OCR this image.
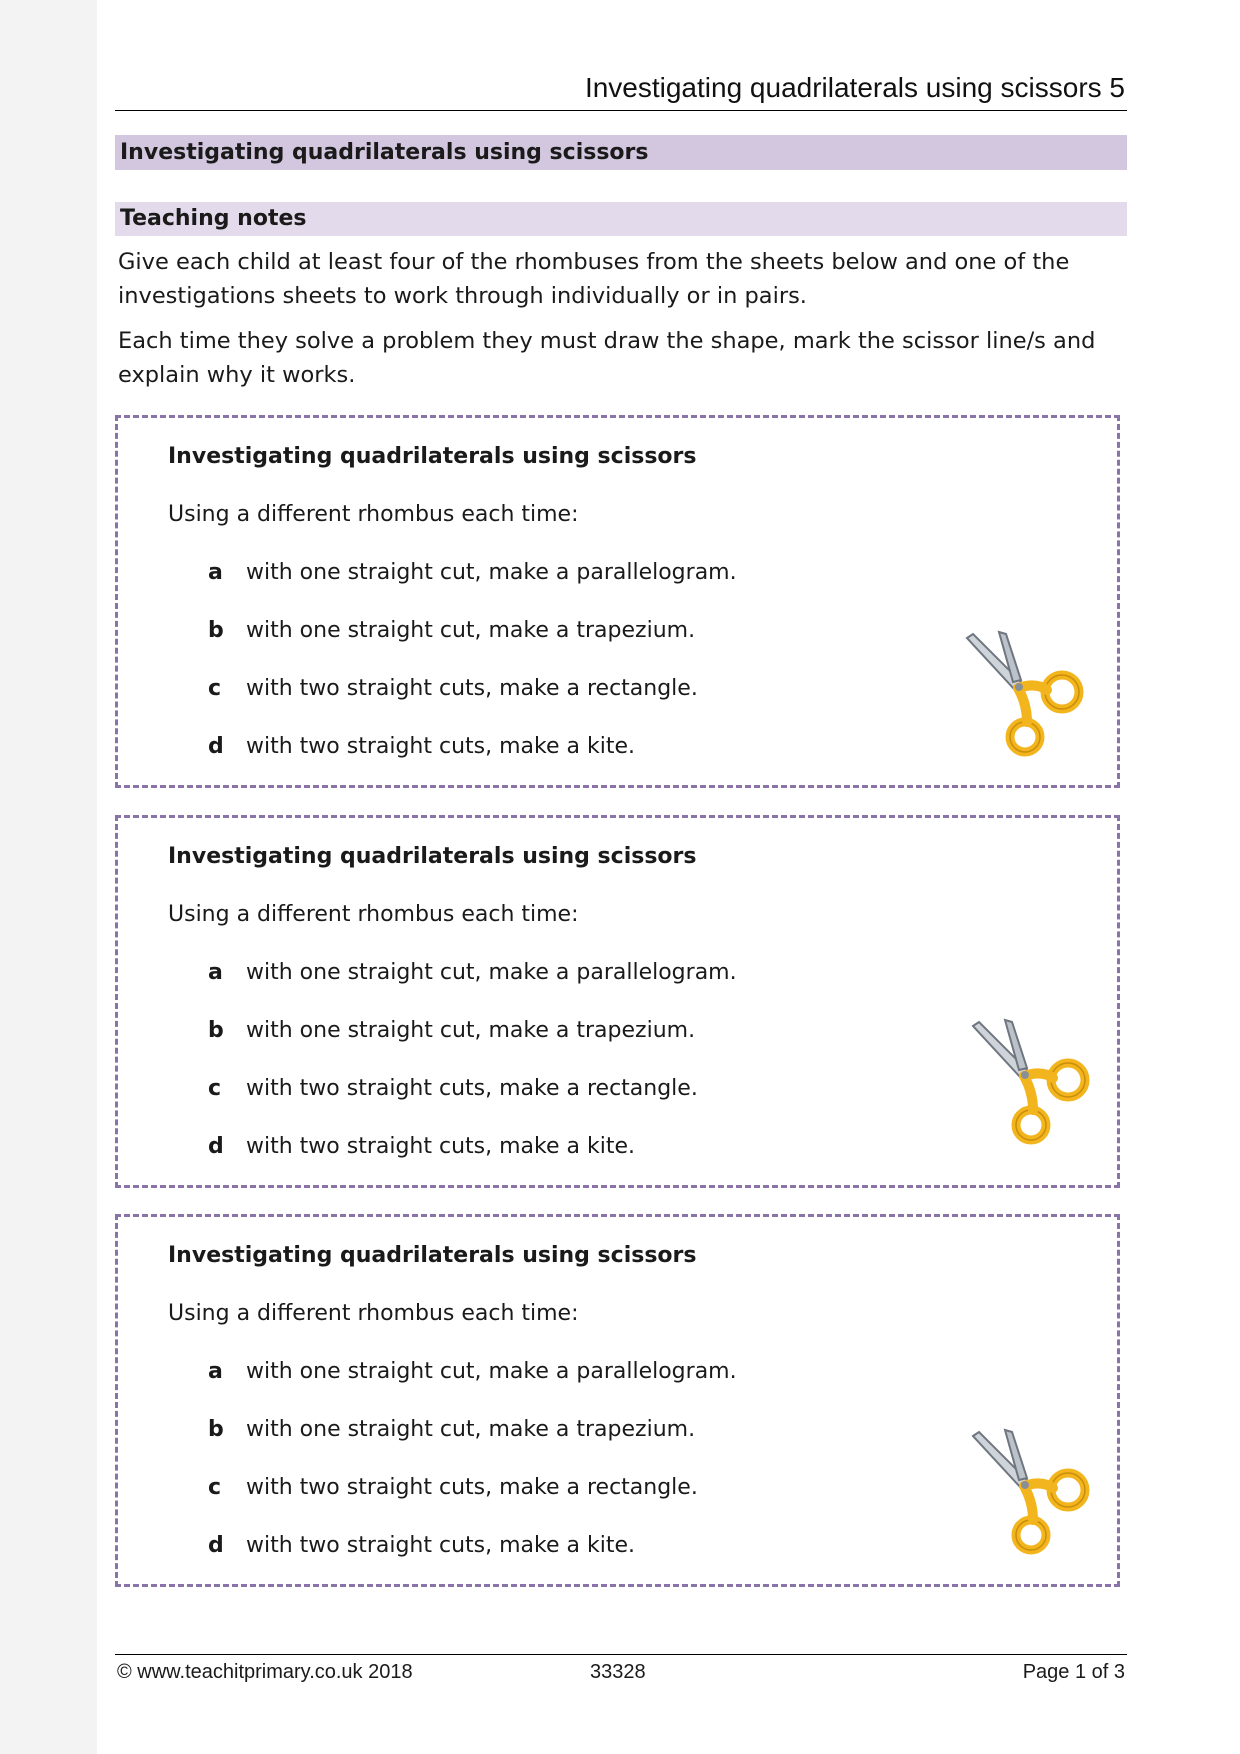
Investigating quadrilaterals using scissors 5
Investigating quadrilaterals using scissors
Teaching notes

Give each child at least four of the rhombuses from the sheets below and one of the investigations sheets to work through individually or in pairs.

Each time they solve a problem they must draw the shape, mark the scissor line/s and explain why it works.

Investigating quadrilaterals using scissors

Using a different rhombus each time:

a with one straight cut, make a parallelogram.
b with one straight cut, make a trapezium.
c with two straight cuts, make a rectangle.
d with two straight cuts, make a kite.

Investigating quadrilaterals using scissors

Using a different rhombus each time:

a with one straight cut, make a parallelogram.
b with one straight cut, make a trapezium.
c with two straight cuts, make a rectangle.
d with two straight cuts, make a kite.

Investigating quadrilaterals using scissors

Using a different rhombus each time:

a with one straight cut, make a parallelogram.
b with one straight cut, make a trapezium.
c with two straight cuts, make a rectangle.
d with two straight cuts, make a kite.
© www.teachitprimary.co.uk 2018	33328	Page 1 of 3
